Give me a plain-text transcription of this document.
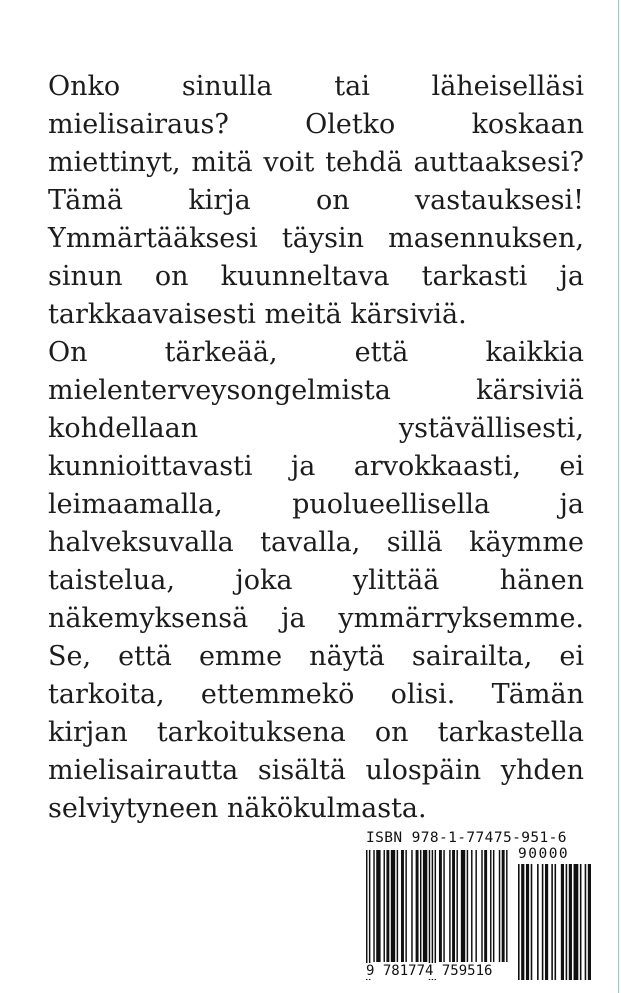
Onko sinulla tai läheiselläsi mielisairaus? Oletko koskaan miettinyt, mitä voit tehdä auttaaksesi? Tämä kirja on vastauksesi! Ymmärtääksesi täysin masennuksen, sinun on kuunneltava tarkasti ja tarkkaavaisesti meitä kärsiviä.

On tärkeää, että kaikkia mielenterveysongelmista kärsiviä kohdellaan ystävällisesti, kunnioittavasti ja arvokkaasti, ei leimaamalla, puolueellisella ja halveksuvalla tavalla, sillä käymme taistelua, joka ylittää hänen näkemyksensä ja ymmärryksemme. Se, että emme näytä sairailta, ei tarkoita, ettemmekö olisi. Tämän kirjan tarkoituksena on tarkastella mielisairautta sisältä ulospäin yhden selviytyneen näkökulmasta.

ISBN 978-1-77475-951-6
90000
9 781774 759516
